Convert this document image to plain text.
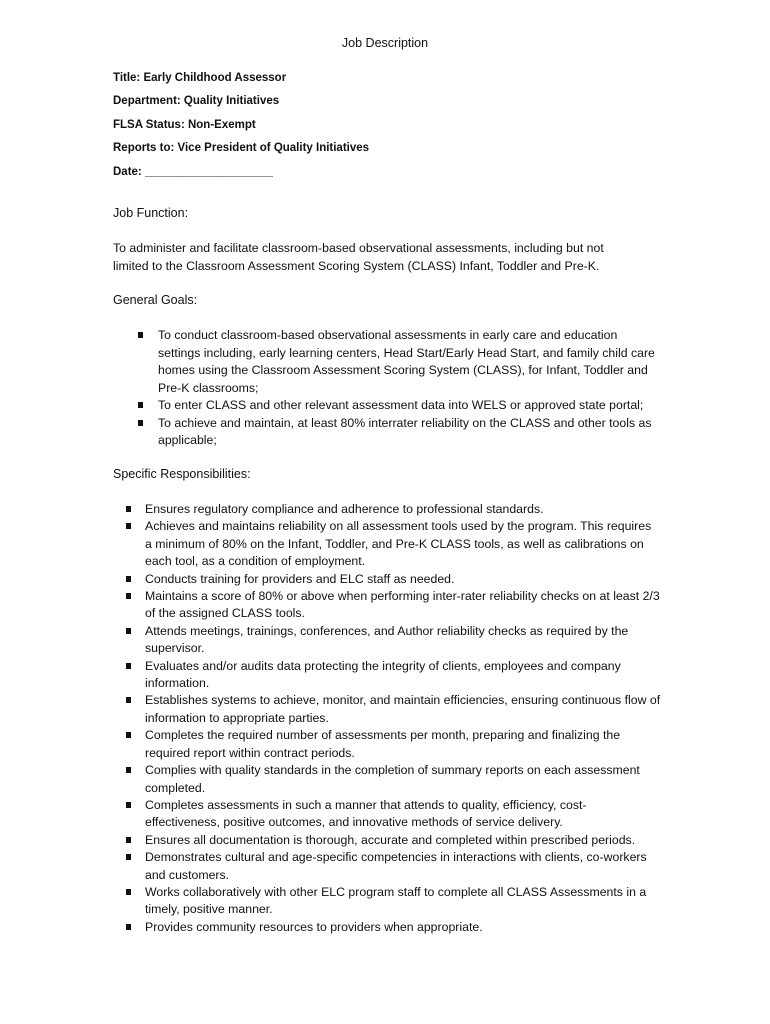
Job Description
Title: Early Childhood Assessor
Department: Quality Initiatives
FLSA Status: Non-Exempt
Reports to: Vice President of Quality Initiatives
Date: ____________________
Job Function:
To administer and facilitate classroom-based observational assessments, including but not
limited to the Classroom Assessment Scoring System (CLASS) Infant, Toddler and Pre-K.
General Goals:
To conduct classroom-based observational assessments in early care and education settings including, early learning centers, Head Start/Early Head Start, and family child care homes using the Classroom Assessment Scoring System (CLASS), for Infant, Toddler and Pre-K classrooms;
To enter CLASS and other relevant assessment data into WELS or approved state portal;
To achieve and maintain, at least 80% interrater reliability on the CLASS and other tools as applicable;
Specific Responsibilities:
Ensures regulatory compliance and adherence to professional standards.
Achieves and maintains reliability on all assessment tools used by the program. This requires a minimum of 80% on the Infant, Toddler, and Pre-K CLASS tools, as well as calibrations on each tool, as a condition of employment.
Conducts training for providers and ELC staff as needed.
Maintains a score of 80% or above when performing inter-rater reliability checks on at least 2/3 of the assigned CLASS tools.
Attends meetings, trainings, conferences, and Author reliability checks as required by the supervisor.
Evaluates and/or audits data protecting the integrity of clients, employees and company information.
Establishes systems to achieve, monitor, and maintain efficiencies, ensuring continuous flow of information to appropriate parties.
Completes the required number of assessments per month, preparing and finalizing the required report within contract periods.
Complies with quality standards in the completion of summary reports on each assessment completed.
Completes assessments in such a manner that attends to quality, efficiency, cost-effectiveness, positive outcomes, and innovative methods of service delivery.
Ensures all documentation is thorough, accurate and completed within prescribed periods.
Demonstrates cultural and age-specific competencies in interactions with clients, co-workers and customers.
Works collaboratively with other ELC program staff to complete all CLASS Assessments in a timely, positive manner.
Provides community resources to providers when appropriate.
